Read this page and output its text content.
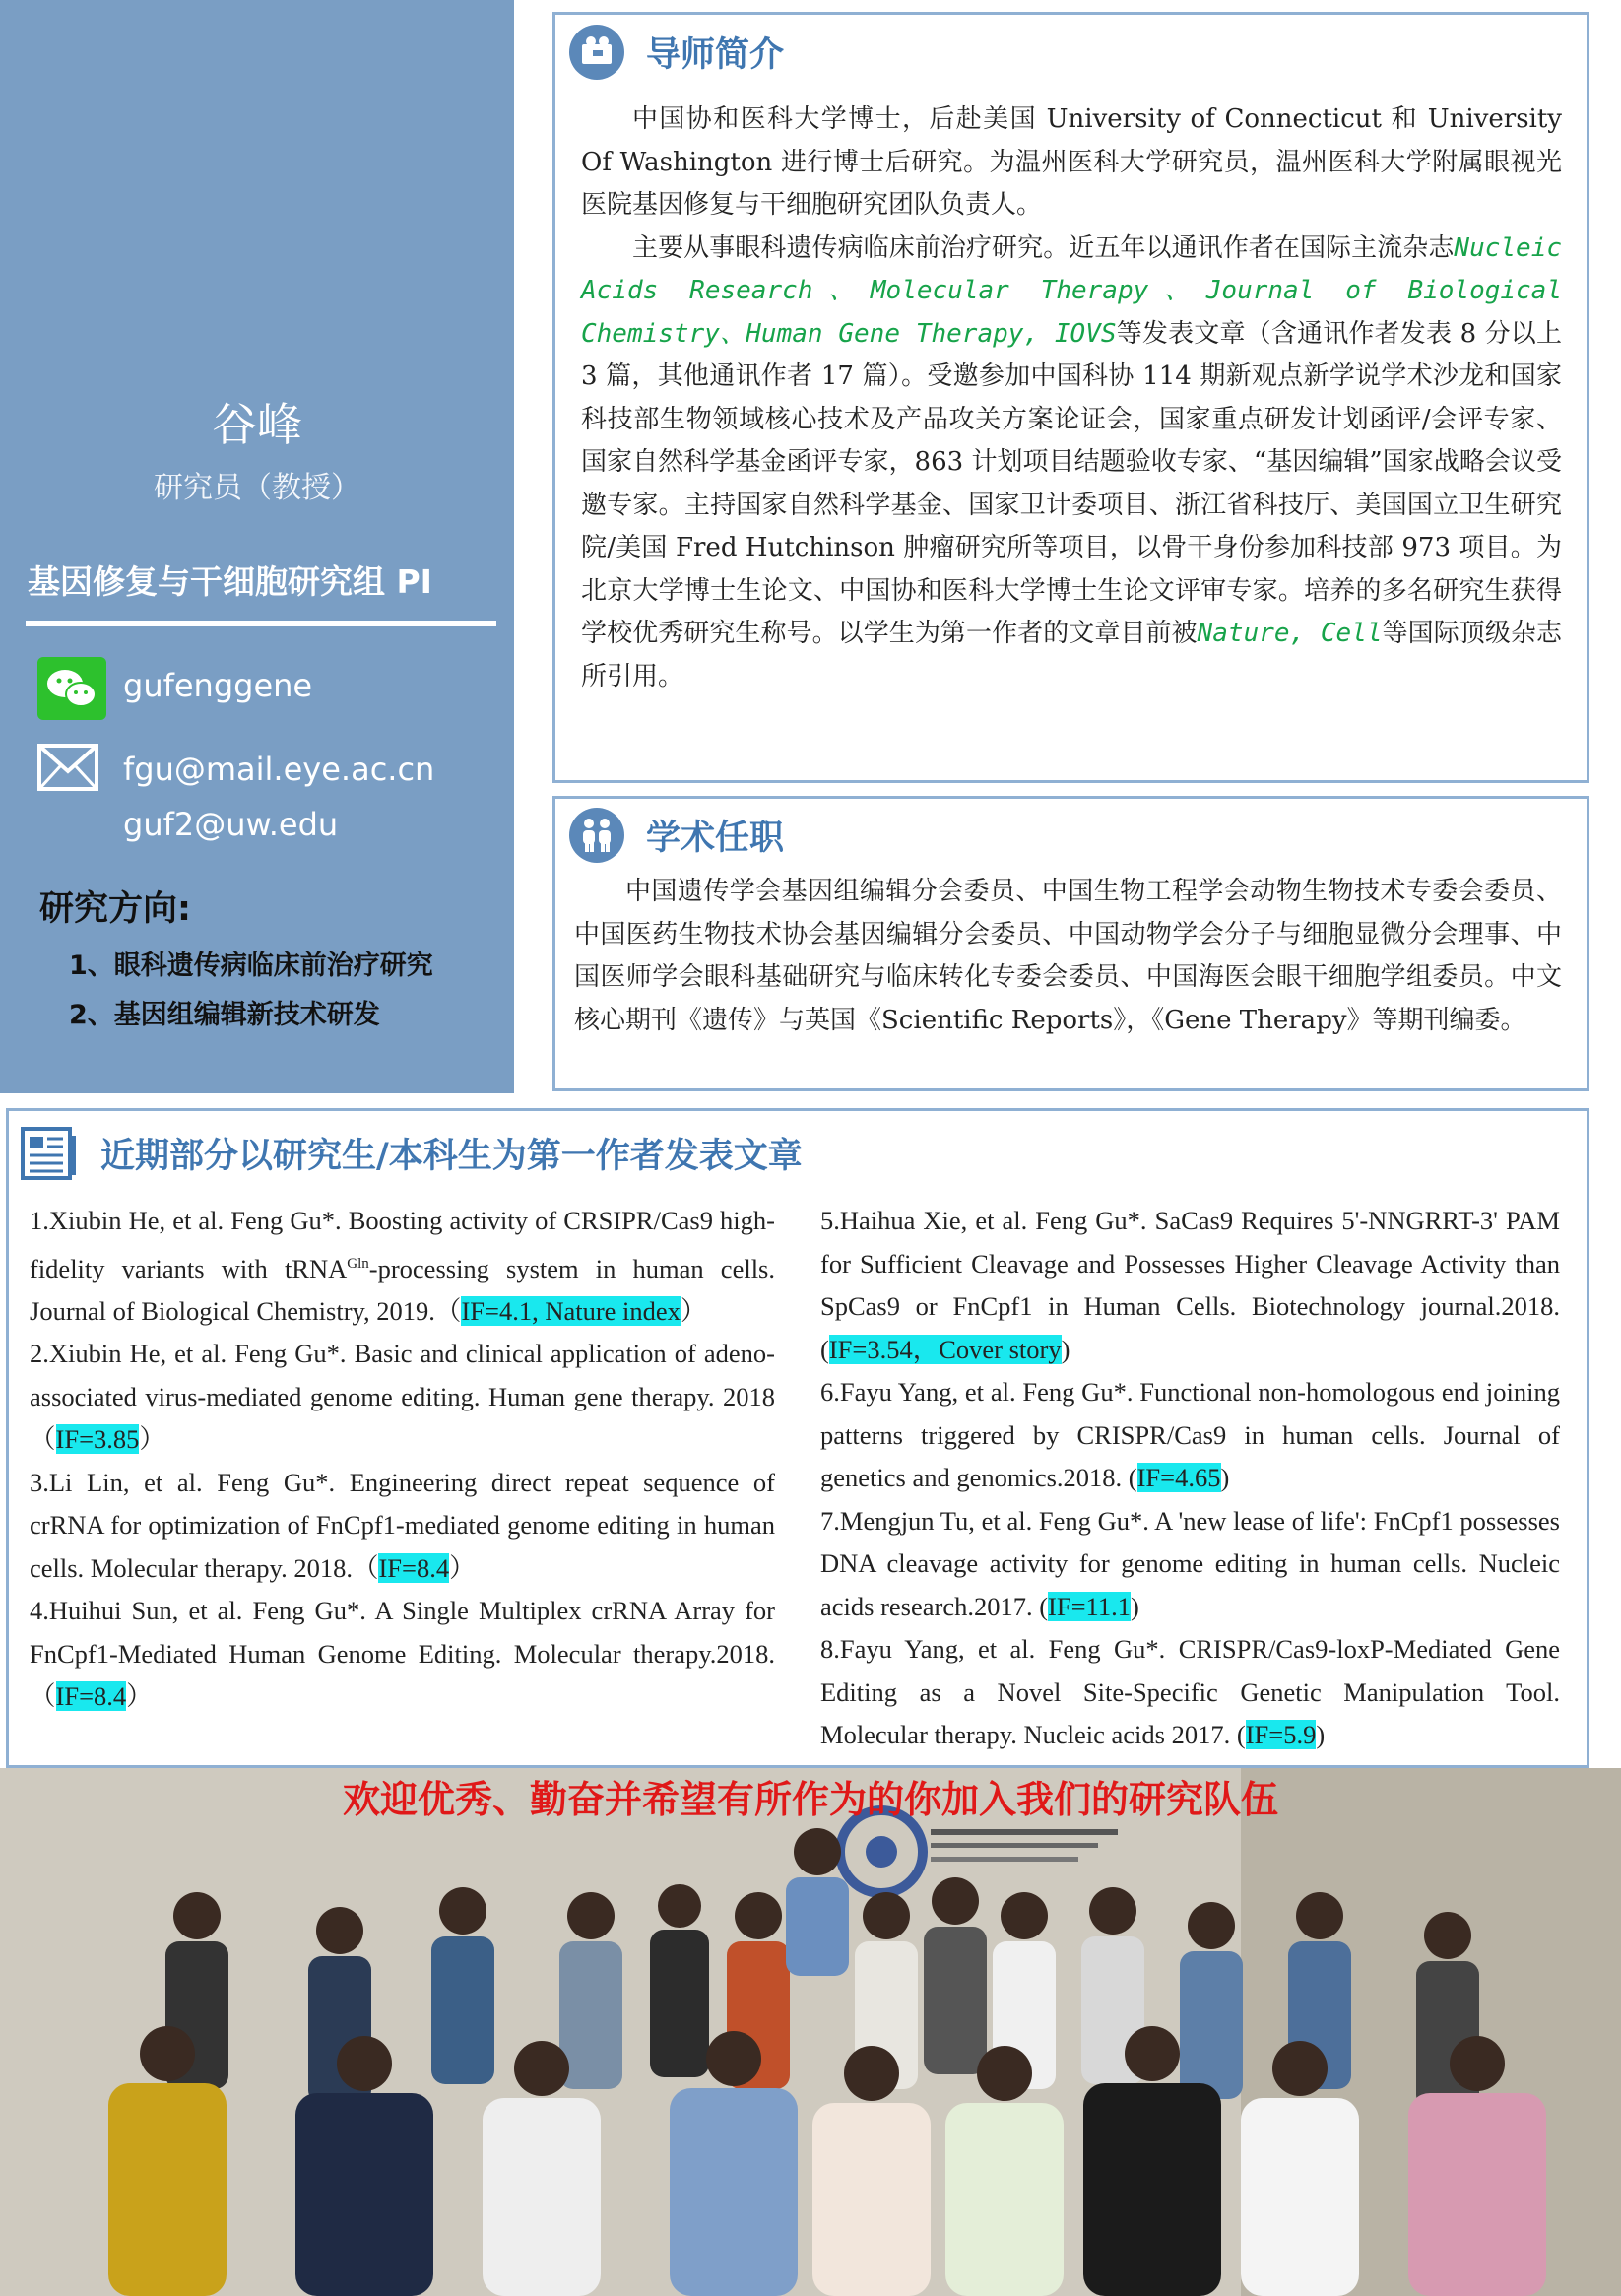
谷峰
研究员（教授）
基因修复与干细胞研究组 PI
gufenggene
fgu@mail.eye.ac.cn
guf2@uw.edu
研究方向:
1、眼科遗传病临床前治疗研究
2、基因组编辑新技术研发
导师简介

中国协和医科大学博士，后赴美国 University of Connecticut 和 University Of Washington 进行博士后研究。为温州医科大学研究员，温州医科大学附属眼视光医院基因修复与干细胞研究团队负责人。

主要从事眼科遗传病临床前治疗研究。近五年以通讯作者在国际主流杂志Nucleic Acids Research、Molecular Therapy、Journal of Biological Chemistry、Human Gene Therapy, IOVS等发表文章（含通讯作者发表 8 分以上 3 篇，其他通讯作者 17 篇）。受邀参加中国科协 114 期新观点新学说学术沙龙和国家科技部生物领域核心技术及产品攻关方案论证会，国家重点研发计划函评/会评专家、国家自然科学基金函评专家，863 计划项目结题验收专家、“基因编辑”国家战略会议受邀专家。主持国家自然科学基金、国家卫计委项目、浙江省科技厅、美国国立卫生研究院/美国 Fred Hutchinson 肿瘤研究所等项目，以骨干身份参加科技部 973 项目。为北京大学博士生论文、中国协和医科大学博士生论文评审专家。培养的多名研究生获得学校优秀研究生称号。以学生为第一作者的文章目前被Nature, Cell等国际顶级杂志所引用。

学术任职

中国遗传学会基因组编辑分会委员、中国生物工程学会动物生物技术专委会委员、中国医药生物技术协会基因编辑分会委员、中国动物学会分子与细胞显微分会理事、中国医师学会眼科基础研究与临床转化专委会委员、中国海医会眼干细胞学组委员。中文核心期刊《遗传》与英国《Scientific Reports》，《Gene Therapy》等期刊编委。

近期部分以研究生/本科生为第一作者发表文章
1.Xiubin He, et al. Feng Gu*. Boosting activity of CRSIPR/Cas9 high-fidelity variants with tRNA$^{Gln}$-processing system in human cells. Journal of Biological Chemistry, 2019.（IF=4.1, Nature index）
2.Xiubin He, et al. Feng Gu*. Basic and clinical application of adeno-associated virus-mediated genome editing. Human gene therapy. 2018（IF=3.85）
3.Li Lin, et al. Feng Gu*. Engineering direct repeat sequence of crRNA for optimization of FnCpf1-mediated genome editing in human cells. Molecular therapy. 2018.（IF=8.4）
4.Huihui Sun, et al. Feng Gu*. A Single Multiplex crRNA Array for FnCpf1-Mediated Human Genome Editing. Molecular therapy.2018.（IF=8.4）
5.Haihua Xie, et al. Feng Gu*. SaCas9 Requires 5'-NNGRRT-3' PAM for Sufficient Cleavage and Possesses Higher Cleavage Activity than SpCas9 or FnCpf1 in Human Cells. Biotechnology journal.2018. (IF=3.54，Cover story)
6.Fayu Yang, et al. Feng Gu*. Functional non-homologous end joining patterns triggered by CRISPR/Cas9 in human cells. Journal of genetics and genomics.2018. (IF=4.65)
7.Mengjun Tu, et al. Feng Gu*. A 'new lease of life': FnCpf1 possesses DNA cleavage activity for genome editing in human cells. Nucleic acids research.2017. (IF=11.1)
8.Fayu Yang, et al. Feng Gu*. CRISPR/Cas9-loxP-Mediated Gene Editing as a Novel Site-Specific Genetic Manipulation Tool. Molecular therapy. Nucleic acids 2017. (IF=5.9)
欢迎优秀、勤奋并希望有所作为的你加入我们的研究队伍
